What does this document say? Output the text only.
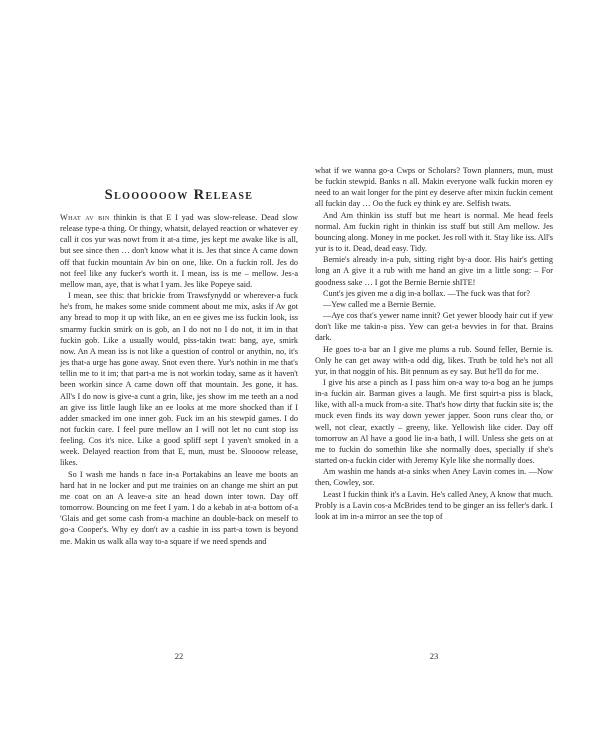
Sloooooow Release

What av bin thinkin is that E I yad was slow-release. Dead slow release type-a thing. Or thingy, whatsit, delayed reaction or whatever ey call it cos yur was nowt from it at-a time, jes kept me awake like is all, but see since then … don't know what it is. Jes that since A came down off that fuckin mountain Av bin on one, like. On a fuckin roll. Jes do not feel like any fucker's worth it. I mean, iss is me – mellow. Jes-a mellow man, aye, that is what I yam. Jes like Popeye said.

I mean, see this: that brickie from Trawsfynydd or wherever-a fuck he's from, he makes some snide comment about me mix, asks if Av got any bread to mop it up with like, an en ee gives me iss fuckin look, iss smarmy fuckin smirk on is gob, an I do not no I do not, it im in that fuckin gob. Like a usually would, piss-takin twat: bang, aye, smirk now. An A mean iss is not like a question of control or anythin, no, it's jes that-a urge has gone away. Snot even there. Yur's nothin in me that's tellin me to it im; that part-a me is not workin today, same as it haven't been workin since A came down off that mountain. Jes gone, it has. All's I do now is give-a cunt a grin, like, jes show im me teeth an a nod an give iss little laugh like an ee looks at me more shocked than if I adder smacked im one inner gob. Fuck im an his stewpid games. I do not fuckin care. I feel pure mellow an I will not let no cunt stop iss feeling. Cos it's nice. Like a good spliff sept I yaven't smoked in a week. Delayed reaction from that E, mun, must be. Sloooow release, likes.

So I wash me hands n face in-a Portakabins an leave me boots an hard hat in ne locker and put me trainies on an change me shirt an put me coat on an A leave-a site an head down inter town. Day off tomorrow. Bouncing on me feet I yam. I do a kebab in at-a bottom of-a 'Glais and get some cash from-a machine an double-back on meself to go-a Cooper's. Why ey don't av a cashie in iss part-a town is beyond me. Makin us walk alla way to-a square if we need spends and

22

what if we wanna go-a Cwps or Scholars? Town planners, mun, must be fuckin stewpid. Banks n all. Makin everyone walk fuckin moren ey need to an wait longer for the pint ey deserve after mixin fuckin cement all fuckin day … Oo the fuck ey think ey are. Selfish twats.

And Am thinkin iss stuff but me heart is normal. Me head feels normal. Am fuckin right in thinkin iss stuff but still Am mellow. Jes bouncing along. Money in me pocket. Jes roll with it. Stay like iss. All's yur is to it. Dead, dead easy. Tidy.

Bernie's already in-a pub, sitting right by-a door. His hair's getting long an A give it a rub with me hand an give im a little song: – For goodness sake … I got the Bernie Bernie shITE!

Cunt's jes given me a dig in-a bollax. —The fuck was that for?

—Yew called me a Bernie Bernie.

—Aye cos that's yewer name innit? Get yewer bloody hair cut if yew don't like me takin-a piss. Yew can get-a bevvies in for that. Brains dark.

He goes to-a bar an I give me plums a rub. Sound feller, Bernie is. Only he can get away with-a odd dig, likes. Truth be told he's not all yur, in that noggin of his. Bit pennum as ey say. But he'll do for me.

I give his arse a pinch as I pass him on-a way to-a bog an he jumps in-a fuckin air. Barman gives a laugh. Me first squirt-a piss is black, like, with all-a muck from-a site. That's how dirty that fuckin site is; the muck even finds its way down yewer japper. Soon runs clear tho, or well, not clear, exactly – greeny, like. Yellowish like cider. Day off tomorrow an Al have a good lie in-a bath, I will. Unless she gets on at me to fuckin do somethin like she normally does, specially if she's started on-a fuckin cider with Jeremy Kyle like she normally does.

Am washin me hands at-a sinks when Aney Lavin comes in. —Now then, Cowley, sor.

Least I fuckin think it's a Lavin. He's called Aney, A know that much. Probly is a Lavin cos-a McBrides tend to be ginger an iss feller's dark. I look at im in-a mirror an see the top of

23
